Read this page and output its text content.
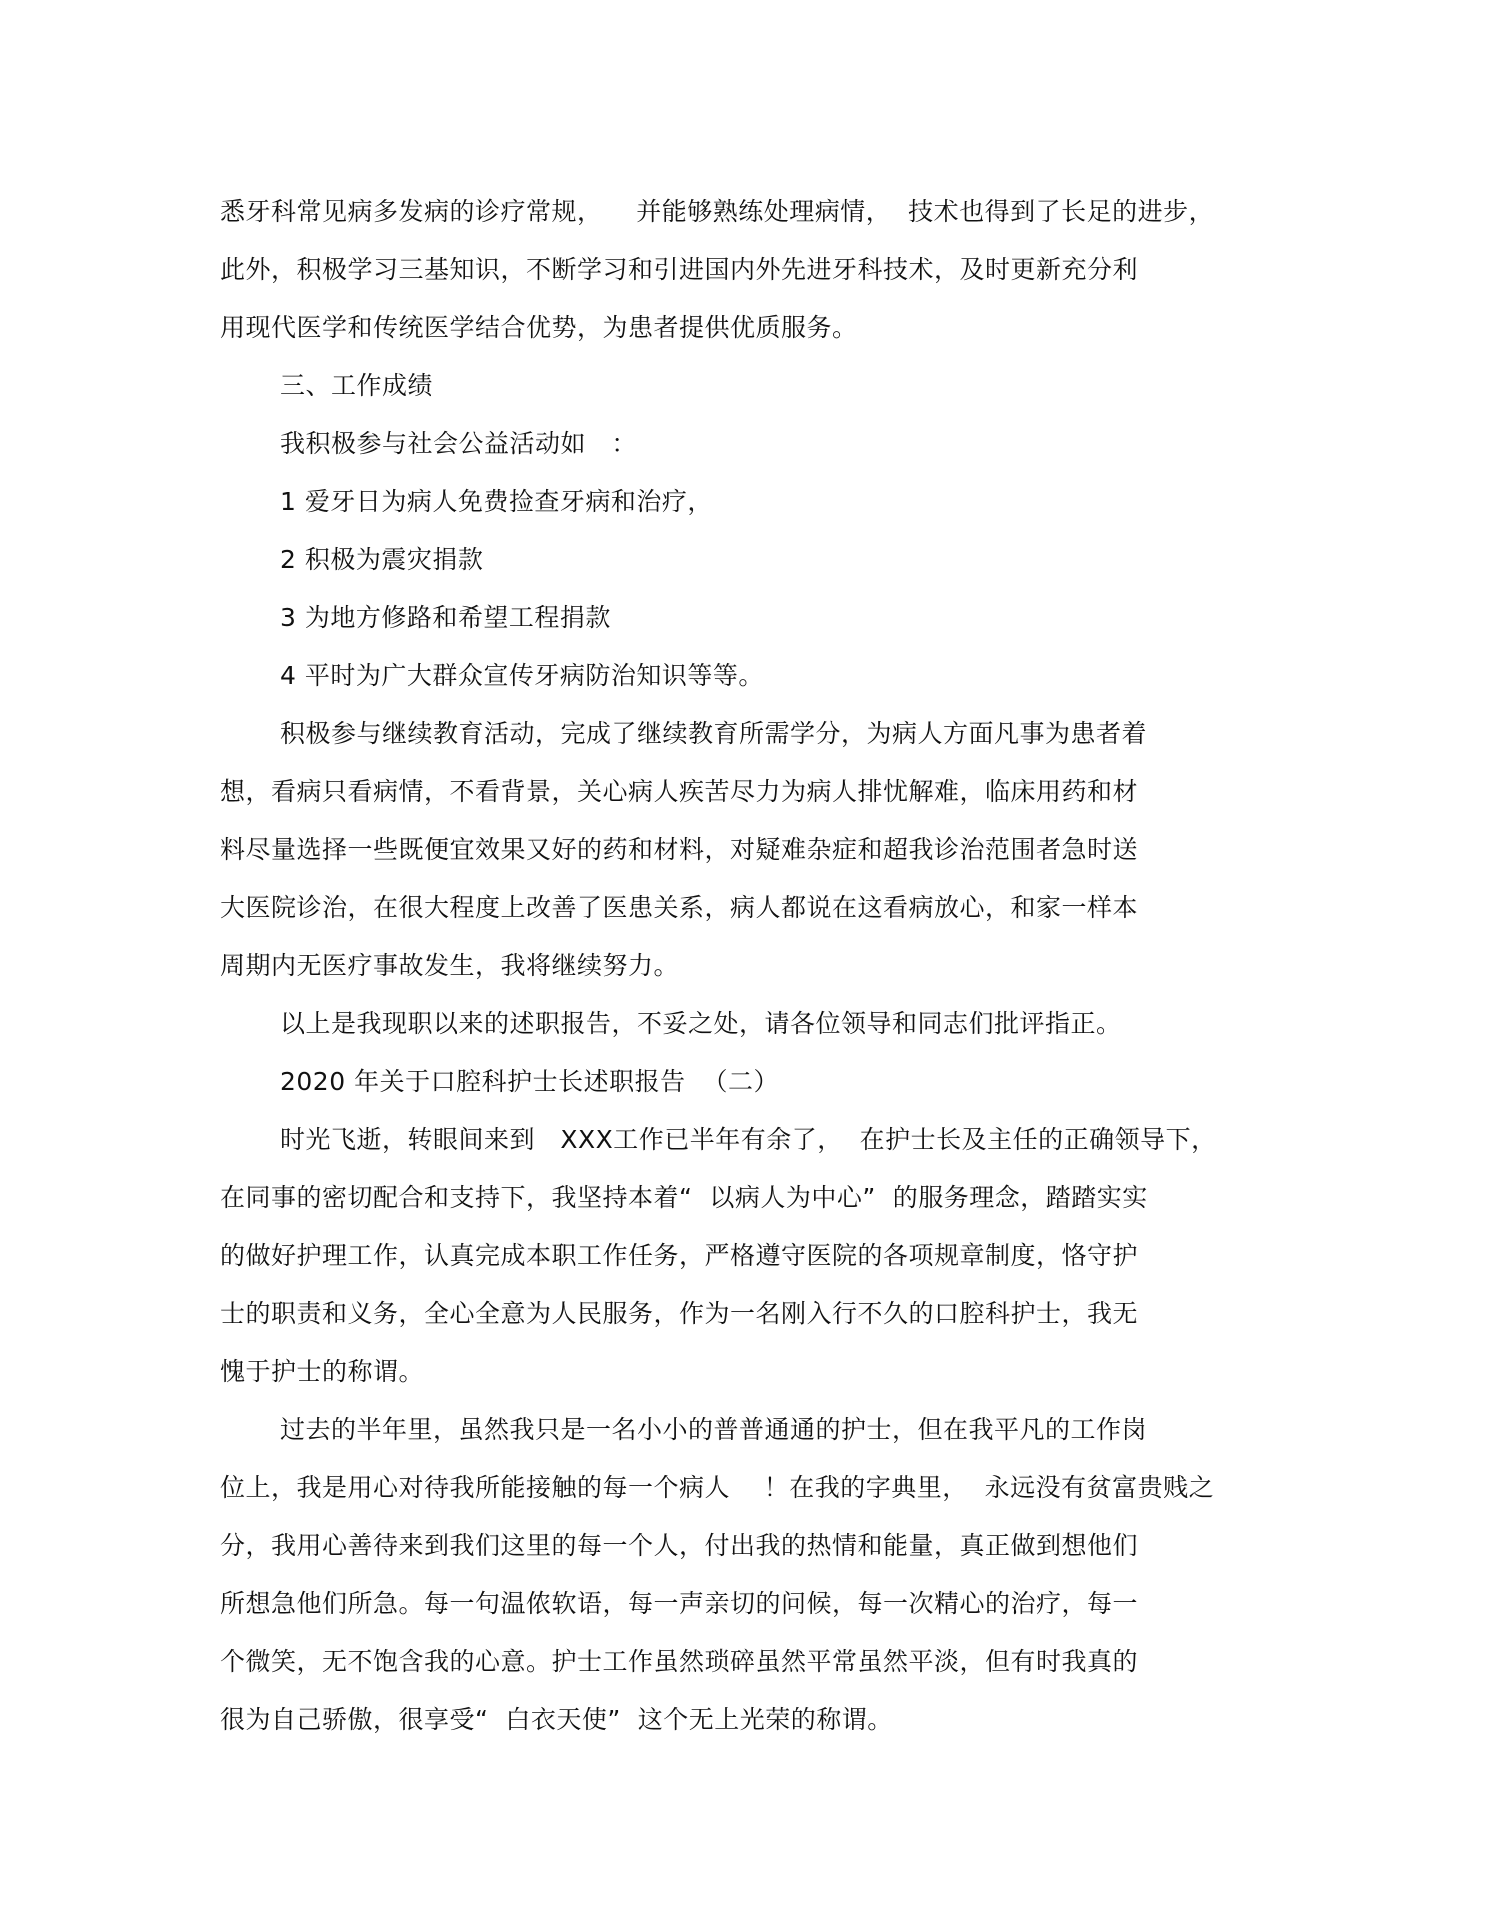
悉牙科常见病多发病的诊疗常规，    并能够熟练处理病情，  技术也得到了长足的进步，
此外，积极学习三基知识，不断学习和引进国内外先进牙科技术，及时更新充分利
用现代医学和传统医学结合优势，为患者提供优质服务。
三、工作成绩
我积极参与社会公益活动如   ：
1 爱牙日为病人免费捡查牙病和治疗，
2 积极为震灾捐款
3 为地方修路和希望工程捐款
4 平时为广大群众宣传牙病防治知识等等。
积极参与继续教育活动，完成了继续教育所需学分，为病人方面凡事为患者着
想，看病只看病情，不看背景，关心病人疾苦尽力为病人排忧解难，临床用药和材
料尽量选择一些既便宜效果又好的药和材料，对疑难杂症和超我诊治范围者急时送
大医院诊治，在很大程度上改善了医患关系，病人都说在这看病放心，和家一样本
周期内无医疗事故发生，我将继续努力。
以上是我现职以来的述职报告，不妥之处，请各位领导和同志们批评指正。
2020 年关于口腔科护士长述职报告  （二）
时光飞逝，转眼间来到   XXX工作已半年有余了，  在护士长及主任的正确领导下，
在同事的密切配合和支持下，我坚持本着“  以病人为中心”  的服务理念，踏踏实实
的做好护理工作，认真完成本职工作任务，严格遵守医院的各项规章制度，恪守护
士的职责和义务，全心全意为人民服务，作为一名刚入行不久的口腔科护士，我无
愧于护士的称谓。
过去的半年里，虽然我只是一名小小的普普通通的护士，但在我平凡的工作岗
位上，我是用心对待我所能接触的每一个病人    ！在我的字典里，  永远没有贫富贵贱之
分，我用心善待来到我们这里的每一个人，付出我的热情和能量，真正做到想他们
所想急他们所急。每一句温侬软语，每一声亲切的问候，每一次精心的治疗，每一
个微笑，无不饱含我的心意。护士工作虽然琐碎虽然平常虽然平淡，但有时我真的
很为自己骄傲，很享受“  白衣天使”  这个无上光荣的称谓。
